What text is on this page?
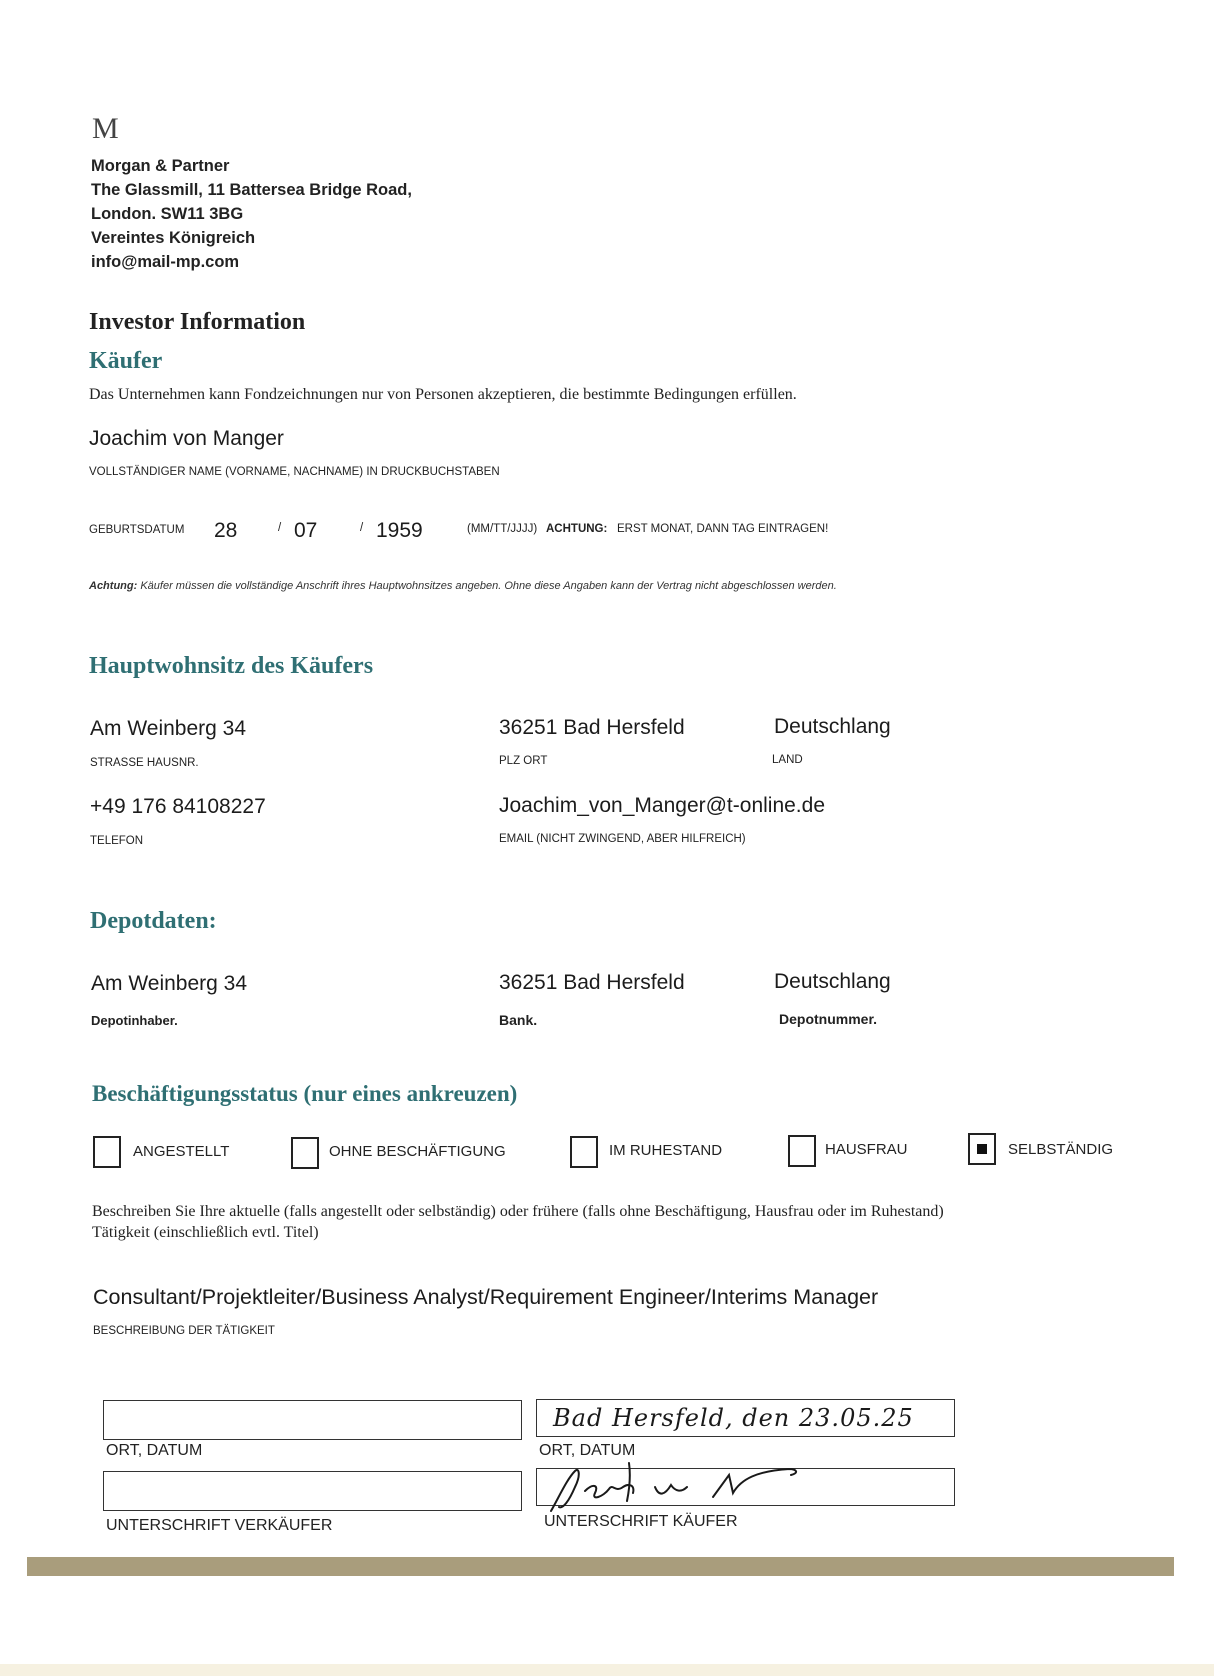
M
Morgan & Partner
The Glassmill, 11 Battersea Bridge Road,
London. SW11 3BG
Vereintes Königreich
info@mail-mp.com
Investor Information
Käufer
Das Unternehmen kann Fondzeichnungen nur von Personen akzeptieren, die bestimmte Bedingungen erfüllen.
Joachim von Manger
VOLLSTÄNDIGER NAME (VORNAME, NACHNAME) IN DRUCKBUCHSTABEN
GEBURTSDATUM 28	/ 07	/ 1959	(MM/TT/JJJJ) ACHTUNG: ERST MONAT, DANN TAG EINTRAGEN!
Achtung: Käufer müssen die vollständige Anschrift ihres Hauptwohnsitzes angeben. Ohne diese Angaben kann der Vertrag nicht abgeschlossen werden.
Hauptwohnsitz des Käufers
Am Weinberg 34
STRASSE HAUSNR.
36251 Bad Hersfeld
PLZ ORT
Deutschlang
LAND
+49 176 84108227
TELEFON
Joachim_von_Manger@t-online.de
EMAIL (NICHT ZWINGEND, ABER HILFREICH)
Depotdaten:
Am Weinberg 34
Depotinhaber.
36251 Bad Hersfeld
Bank.
Deutschlang
Depotnummer.
Beschäftigungsstatus (nur eines ankreuzen)
ANGESTELLT	OHNE BESCHÄFTIGUNG	IM RUHESTAND	HAUSFRAU	SELBSTÄNDIG
Beschreiben Sie Ihre aktuelle (falls angestellt oder selbständig) oder frühere (falls ohne Beschäftigung, Hausfrau oder im Ruhestand)
Tätigkeit (einschließlich evtl. Titel)
Consultant/Projektleiter/Business Analyst/Requirement Engineer/Interims Manager
BESCHREIBUNG DER TÄTIGKEIT
ORT, DATUM
UNTERSCHRIFT VERKÄUFER
Bad Hersfeld, den 23.05.25
ORT, DATUM
UNTERSCHRIFT KÄUFER
